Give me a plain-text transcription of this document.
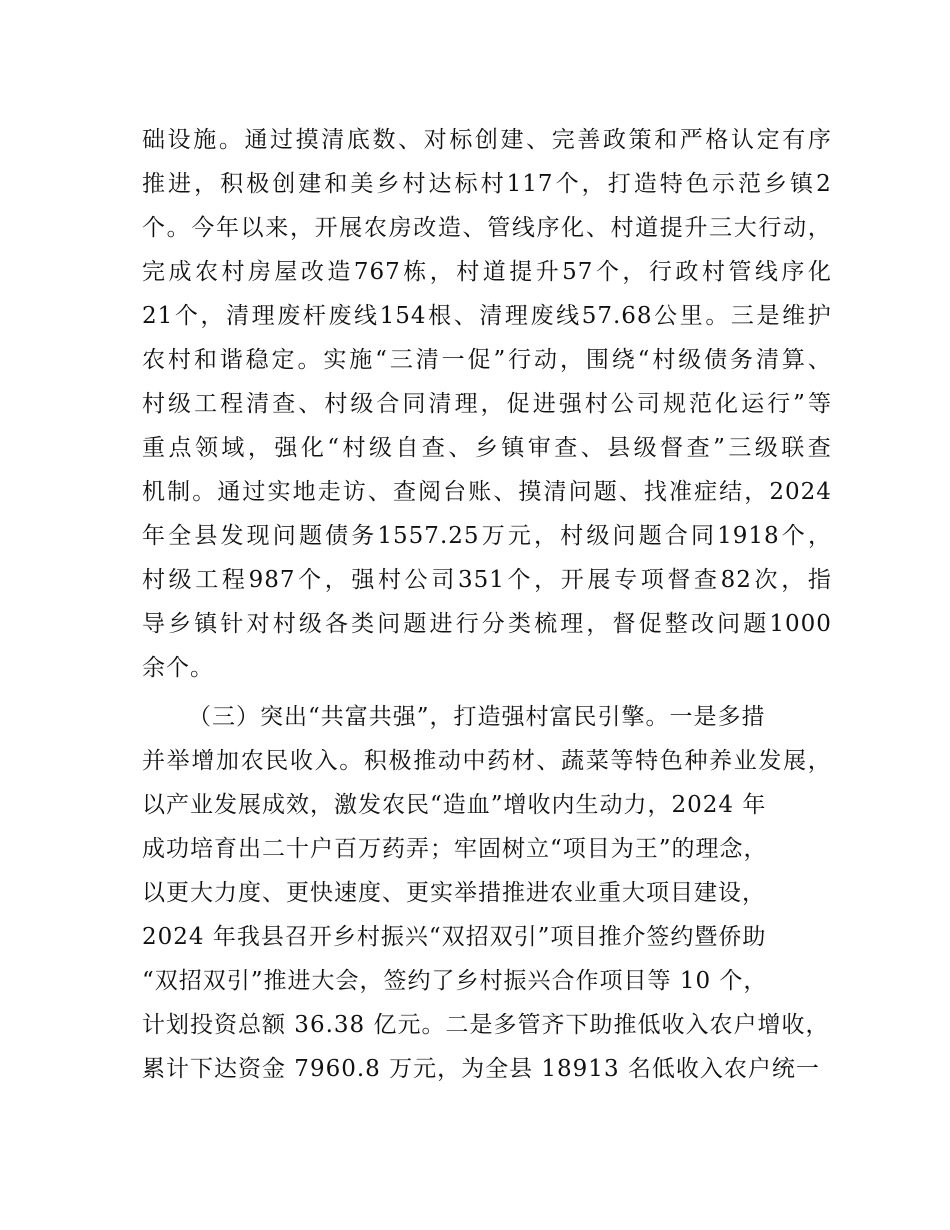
础 设 施 。 通 过 摸 清 底 数 、 对 标 创 建 、 完 善 政 策 和 严 格 认 定 有 序
推 进 ， 积 极 创 建 和 美 乡 村 达 标 村 117 个 ， 打 造 特 色 示 范 乡 镇 2
个 。 今 年 以 来 ， 开 展 农 房 改 造 、 管 线 序 化 、 村 道 提 升 三 大 行 动 ，
完 成 农 村 房 屋 改 造 767 栋 ， 村 道 提 升 57 个 ， 行 政 村 管 线 序 化
21 个 ， 清 理 废 杆 废 线 154 根 、 清 理 废 线 57.68 公 里 。 三 是 维 护
农 村 和 谐 稳 定 。 实 施 “ 三 清 一 促 ” 行 动 ， 围 绕 “ 村 级 债 务 清 算 、
村 级 工 程 清 查 、 村 级 合 同 清 理 ， 促 进 强 村 公 司 规 范 化 运 行 ” 等
重 点 领 域 ， 强 化 “ 村 级 自 查 、 乡 镇 审 查 、 县 级 督 查 ” 三 级 联 查
机 制 。 通 过 实 地 走 访 、 查 阅 台 账 、 摸 清 问 题 、 找 准 症 结 ， 2024
年 全 县 发 现 问 题 债 务 1557.25 万 元 ， 村 级 问 题 合 同 1918 个 ，
村 级 工 程 987 个 ， 强 村 公 司 351 个 ， 开 展 专 项 督 查 82 次 ， 指
导 乡 镇 针 对 村 级 各 类 问 题 进 行 分 类 梳 理 ， 督 促 整 改 问 题 1000
余个。
（三）突出“共富共强”，打造强村富民引擎。一是多措
并 举 增 加 农 民 收 入 。 积 极 推 动 中 药 材 、 蔬 菜 等 特 色 种 养 业 发 展 ，
以产业发展成效，激发农民“造血”增收内生动力，2024 年
成功培育出二十户百万药弄；牢固树立“项目为王”的理念，
以更大力度、更快速度、更实举措推进农业重大项目建设，
2024 年我县召开乡村振兴“双招双引”项目推介签约暨侨助
“双招双引”推进大会，签约了乡村振兴合作项目等 10 个，
计划投资总额 36.38 亿元。二是多管齐下助推低收入农户增收，
累计下达资金 7960.8 万元，为全县 18913 名低收入农户统一
